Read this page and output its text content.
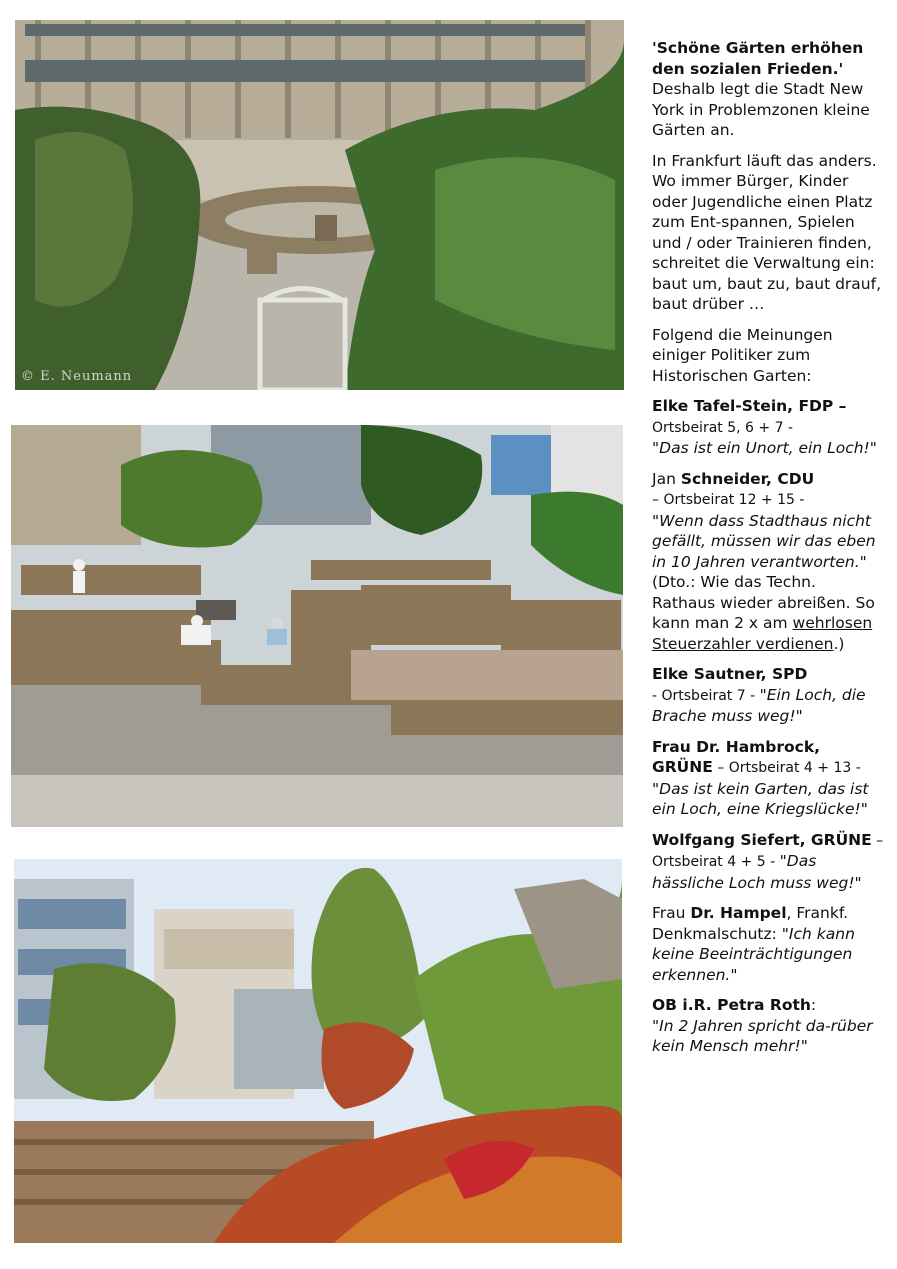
© E. Neumann

'Schöne Gärten erhöhen den sozialen Frieden.' Deshalb legt die Stadt New York in Problemzonen kleine Gärten an.

In Frankfurt läuft das anders. Wo immer Bürger, Kinder oder Jugendliche einen Platz zum Ent-spannen, Spielen und / oder Trainieren finden, schreitet die Verwaltung ein: baut um, baut zu, baut drauf, baut drüber …

Folgend die Meinungen einiger Politiker zum Historischen Garten:

Elke Tafel-Stein, FDP –
Ortsbeirat 5, 6 + 7 -
"Das ist ein Unort, ein Loch!"

Jan Schneider, CDU
– Ortsbeirat 12 + 15 -
"Wenn dass Stadthaus nicht gefällt, müssen wir das eben in 10 Jahren verantworten."
(Dto.: Wie das Techn. Rathaus wieder abreißen. So kann man 2 x am wehrlosen Steuerzahler verdienen.)

Elke Sautner, SPD
- Ortsbeirat 7 - "Ein Loch, die Brache muss weg!"

Frau Dr. Hambrock, GRÜNE – Ortsbeirat 4 + 13 - "Das ist kein Garten, das ist ein Loch, eine Kriegslücke!"

Wolfgang Siefert, GRÜNE – Ortsbeirat 4 + 5 - "Das hässliche Loch muss weg!"

Frau Dr. Hampel, Frankf. Denkmalschutz: "Ich kann keine Beeinträchtigungen erkennen."

OB i.R. Petra Roth:
"In 2 Jahren spricht da-rüber kein Mensch mehr!"
